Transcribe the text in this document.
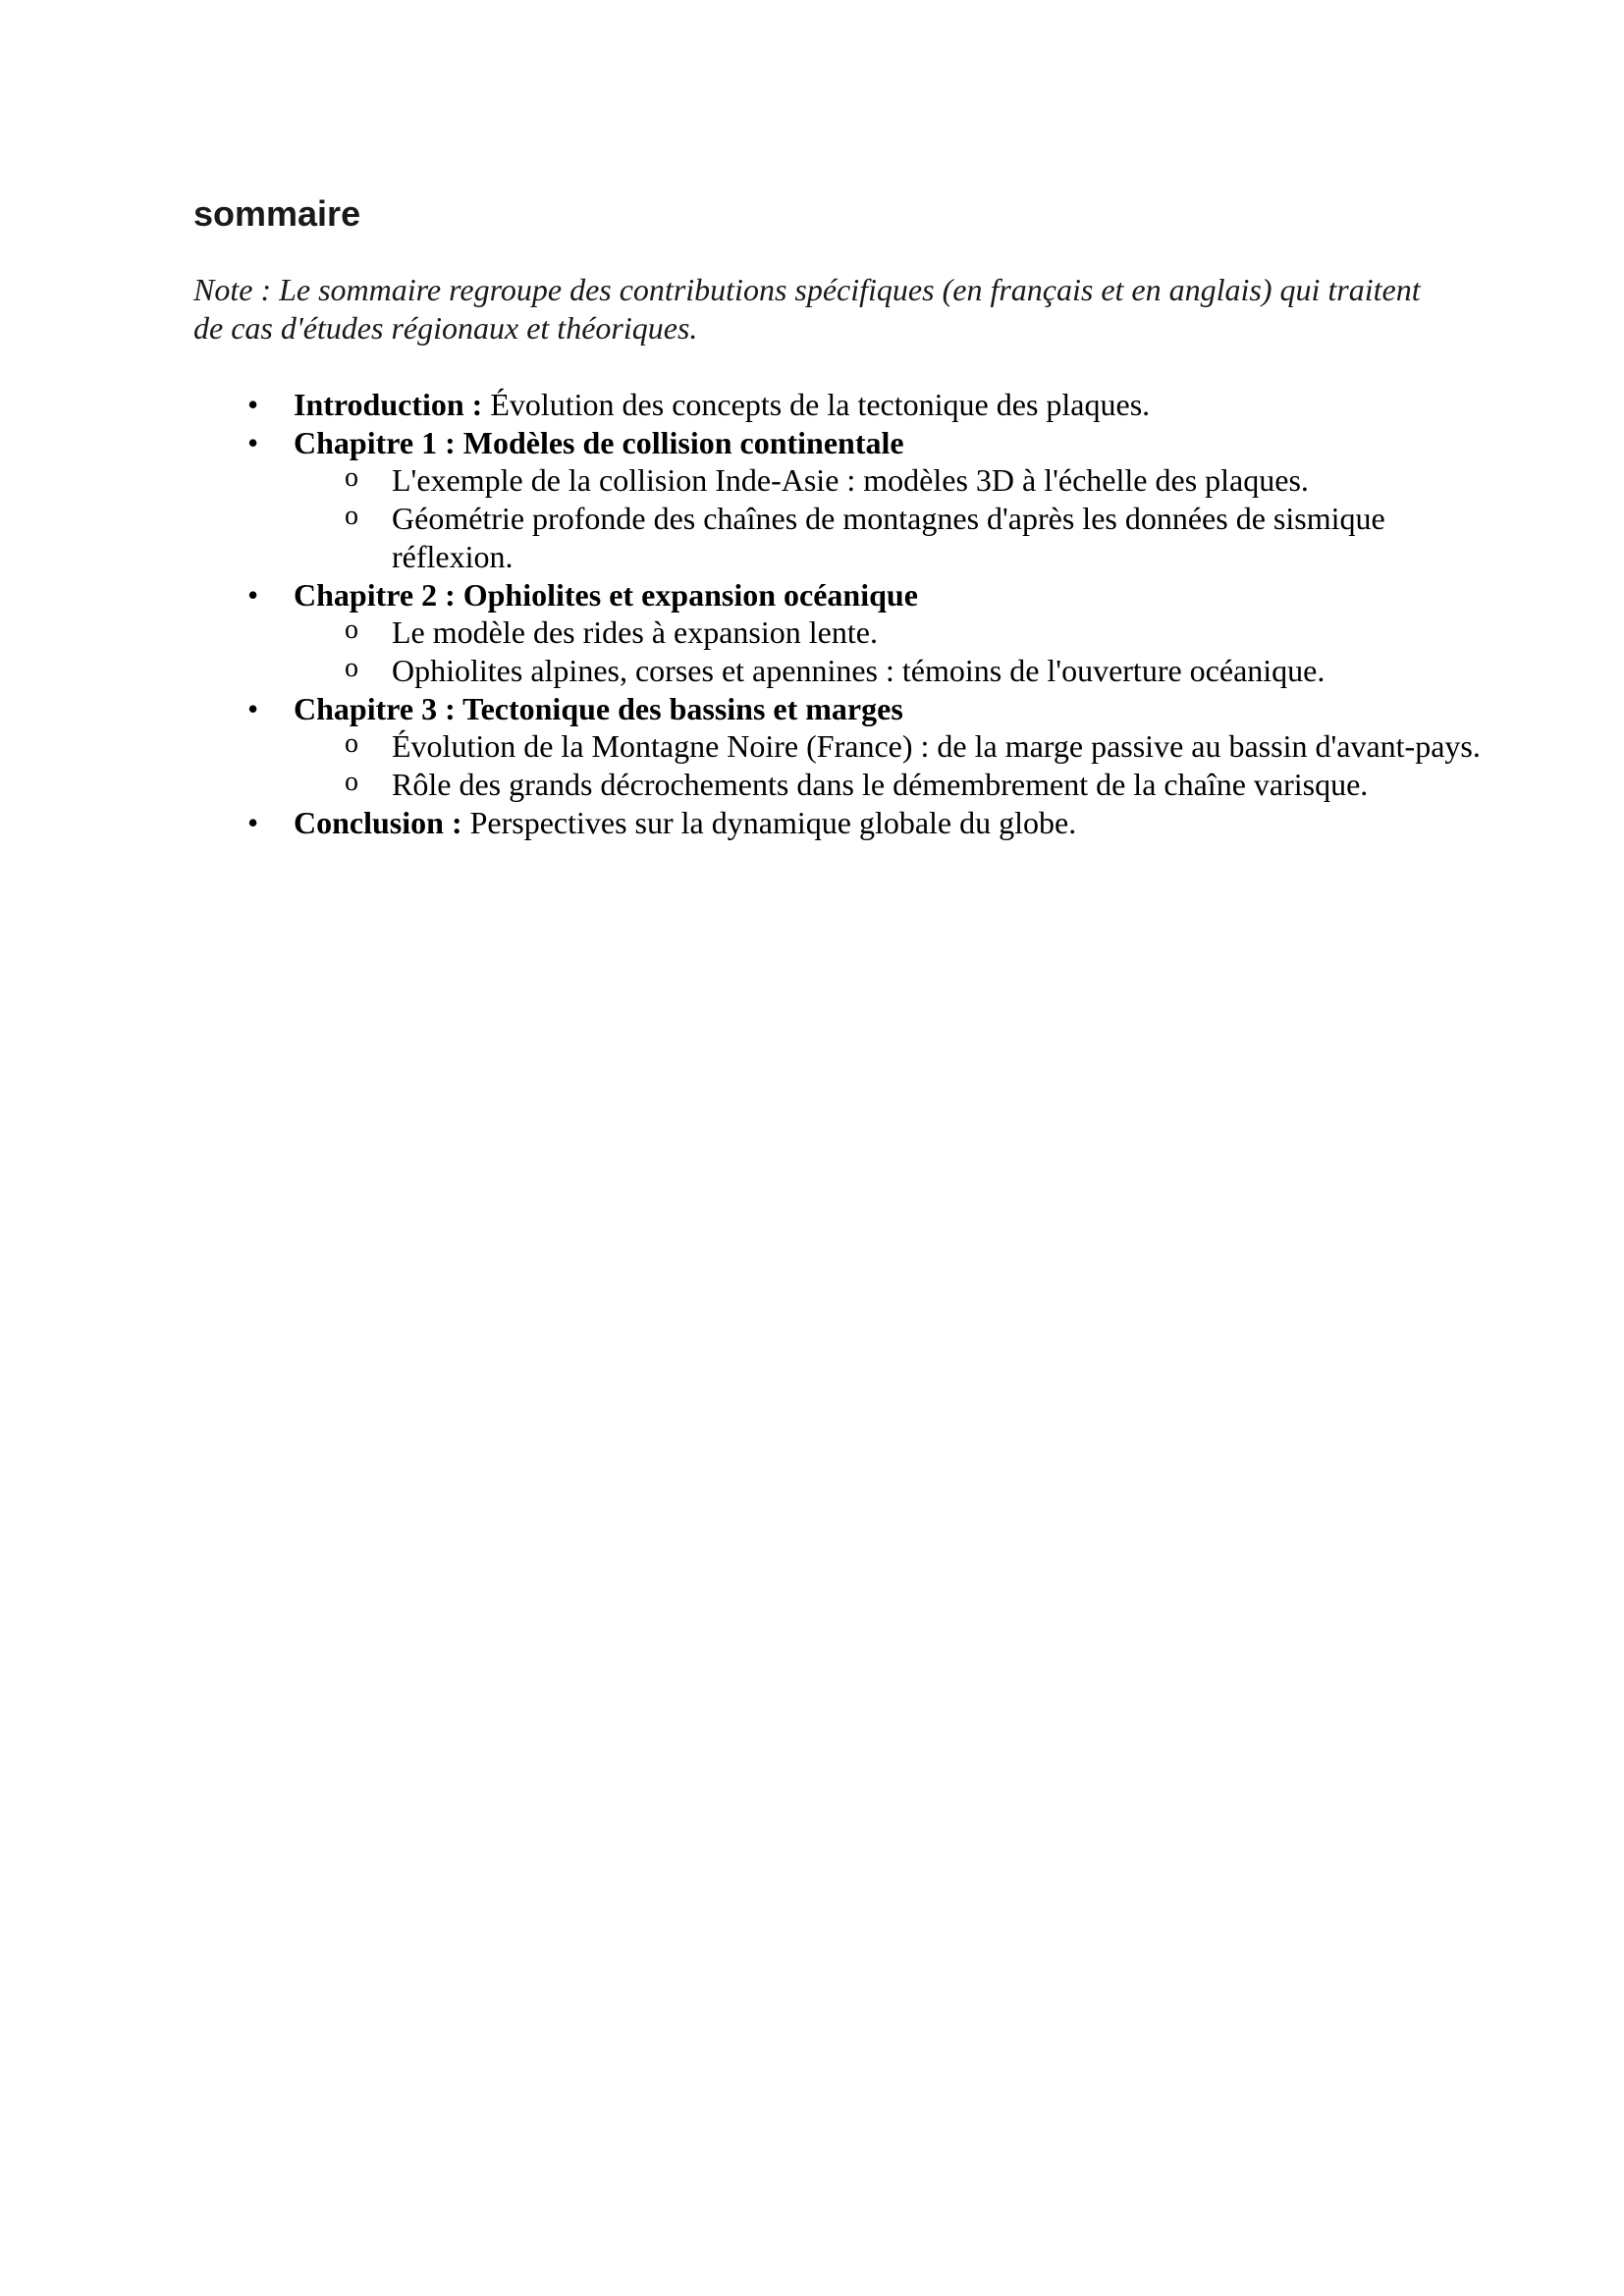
sommaire

Note : Le sommaire regroupe des contributions spécifiques (en français et en anglais) qui traitent de cas d'études régionaux et théoriques.

• Introduction : Évolution des concepts de la tectonique des plaques.
• Chapitre 1 : Modèles de collision continentale
o L'exemple de la collision Inde-Asie : modèles 3D à l'échelle des plaques.
o Géométrie profonde des chaînes de montagnes d'après les données de sismique réflexion.
• Chapitre 2 : Ophiolites et expansion océanique
o Le modèle des rides à expansion lente.
o Ophiolites alpines, corses et apennines : témoins de l'ouverture océanique.
• Chapitre 3 : Tectonique des bassins et marges
o Évolution de la Montagne Noire (France) : de la marge passive au bassin d'avant-pays.
o Rôle des grands décrochements dans le démembrement de la chaîne varisque.
• Conclusion : Perspectives sur la dynamique globale du globe.
